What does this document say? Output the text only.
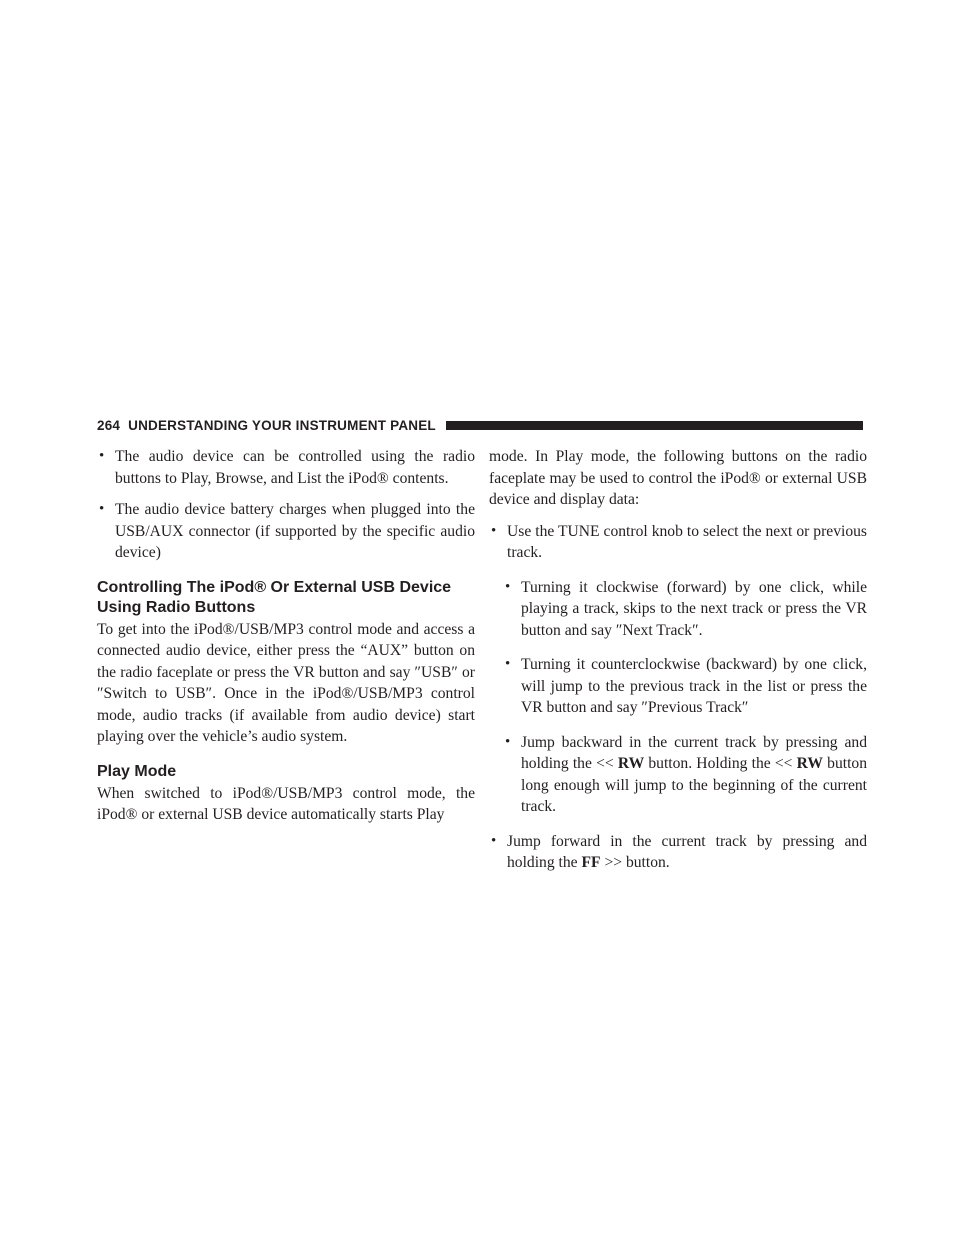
264 UNDERSTANDING YOUR INSTRUMENT PANEL
• The audio device can be controlled using the radio buttons to Play, Browse, and List the iPod® contents.
• The audio device battery charges when plugged into the USB/AUX connector (if supported by the specific audio device)
Controlling The iPod® Or External USB Device Using Radio Buttons

To get into the iPod®/USB/MP3 control mode and access a connected audio device, either press the “AUX” button on the radio faceplate or press the VR button and say ″USB″ or ″Switch to USB″. Once in the iPod®/USB/MP3 control mode, audio tracks (if available from audio device) start playing over the vehicle’s audio system.

Play Mode

When switched to iPod®/USB/MP3 control mode, the iPod® or external USB device automatically starts Play

mode. In Play mode, the following buttons on the radio faceplate may be used to control the iPod® or external USB device and display data:

• Use the TUNE control knob to select the next or previous track.
• Turning it clockwise (forward) by one click, while playing a track, skips to the next track or press the VR button and say ″Next Track″.
• Turning it counterclockwise (backward) by one click, will jump to the previous track in the list or press the VR button and say ″Previous Track″
• Jump backward in the current track by pressing and holding the << RW button. Holding the << RW button long enough will jump to the beginning of the current track.
• Jump forward in the current track by pressing and holding the FF >> button.
